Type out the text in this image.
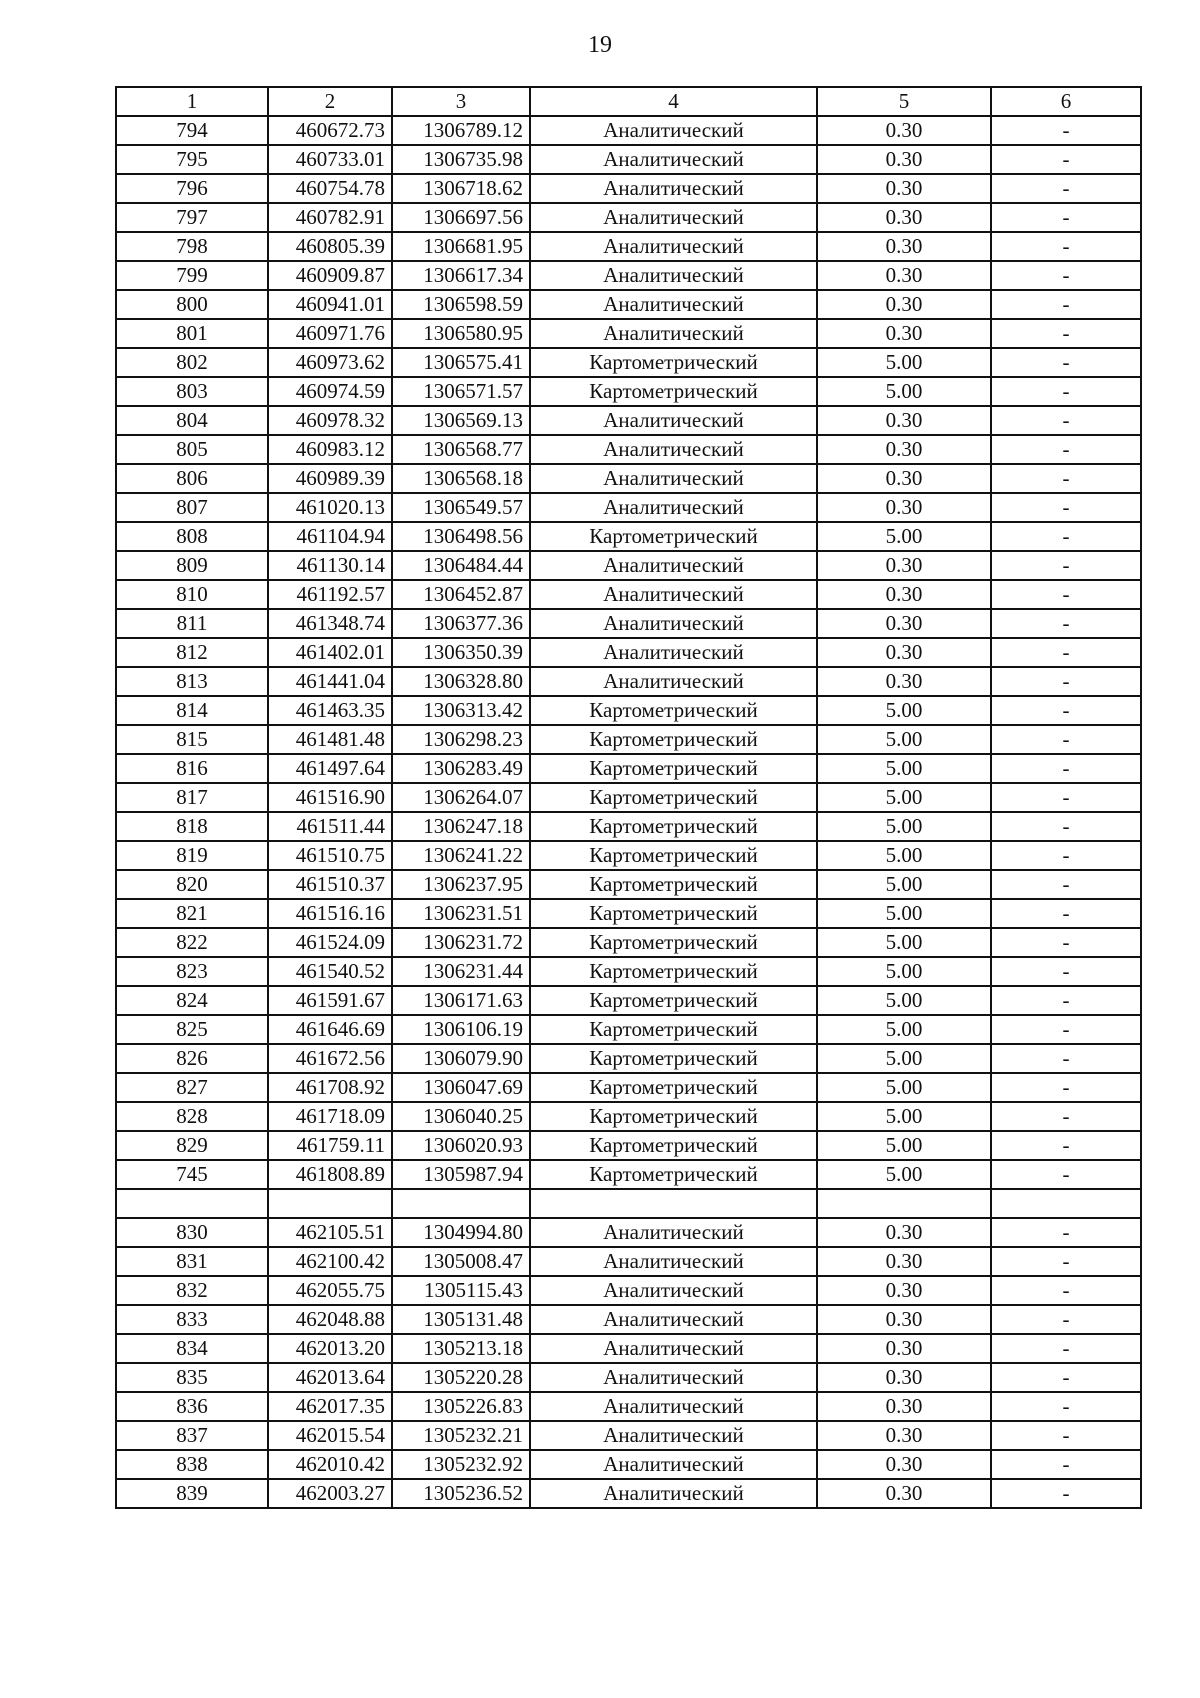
19
1	2	3	4	5	6
794	460672.73	1306789.12	Аналитический	0.30	-
795	460733.01	1306735.98	Аналитический	0.30	-
796	460754.78	1306718.62	Аналитический	0.30	-
797	460782.91	1306697.56	Аналитический	0.30	-
798	460805.39	1306681.95	Аналитический	0.30	-
799	460909.87	1306617.34	Аналитический	0.30	-
800	460941.01	1306598.59	Аналитический	0.30	-
801	460971.76	1306580.95	Аналитический	0.30	-
802	460973.62	1306575.41	Картометрический	5.00	-
803	460974.59	1306571.57	Картометрический	5.00	-
804	460978.32	1306569.13	Аналитический	0.30	-
805	460983.12	1306568.77	Аналитический	0.30	-
806	460989.39	1306568.18	Аналитический	0.30	-
807	461020.13	1306549.57	Аналитический	0.30	-
808	461104.94	1306498.56	Картометрический	5.00	-
809	461130.14	1306484.44	Аналитический	0.30	-
810	461192.57	1306452.87	Аналитический	0.30	-
811	461348.74	1306377.36	Аналитический	0.30	-
812	461402.01	1306350.39	Аналитический	0.30	-
813	461441.04	1306328.80	Аналитический	0.30	-
814	461463.35	1306313.42	Картометрический	5.00	-
815	461481.48	1306298.23	Картометрический	5.00	-
816	461497.64	1306283.49	Картометрический	5.00	-
817	461516.90	1306264.07	Картометрический	5.00	-
818	461511.44	1306247.18	Картометрический	5.00	-
819	461510.75	1306241.22	Картометрический	5.00	-
820	461510.37	1306237.95	Картометрический	5.00	-
821	461516.16	1306231.51	Картометрический	5.00	-
822	461524.09	1306231.72	Картометрический	5.00	-
823	461540.52	1306231.44	Картометрический	5.00	-
824	461591.67	1306171.63	Картометрический	5.00	-
825	461646.69	1306106.19	Картометрический	5.00	-
826	461672.56	1306079.90	Картометрический	5.00	-
827	461708.92	1306047.69	Картометрический	5.00	-
828	461718.09	1306040.25	Картометрический	5.00	-
829	461759.11	1306020.93	Картометрический	5.00	-
745	461808.89	1305987.94	Картометрический	5.00	-

830	462105.51	1304994.80	Аналитический	0.30	-
831	462100.42	1305008.47	Аналитический	0.30	-
832	462055.75	1305115.43	Аналитический	0.30	-
833	462048.88	1305131.48	Аналитический	0.30	-
834	462013.20	1305213.18	Аналитический	0.30	-
835	462013.64	1305220.28	Аналитический	0.30	-
836	462017.35	1305226.83	Аналитический	0.30	-
837	462015.54	1305232.21	Аналитический	0.30	-
838	462010.42	1305232.92	Аналитический	0.30	-
839	462003.27	1305236.52	Аналитический	0.30	-
